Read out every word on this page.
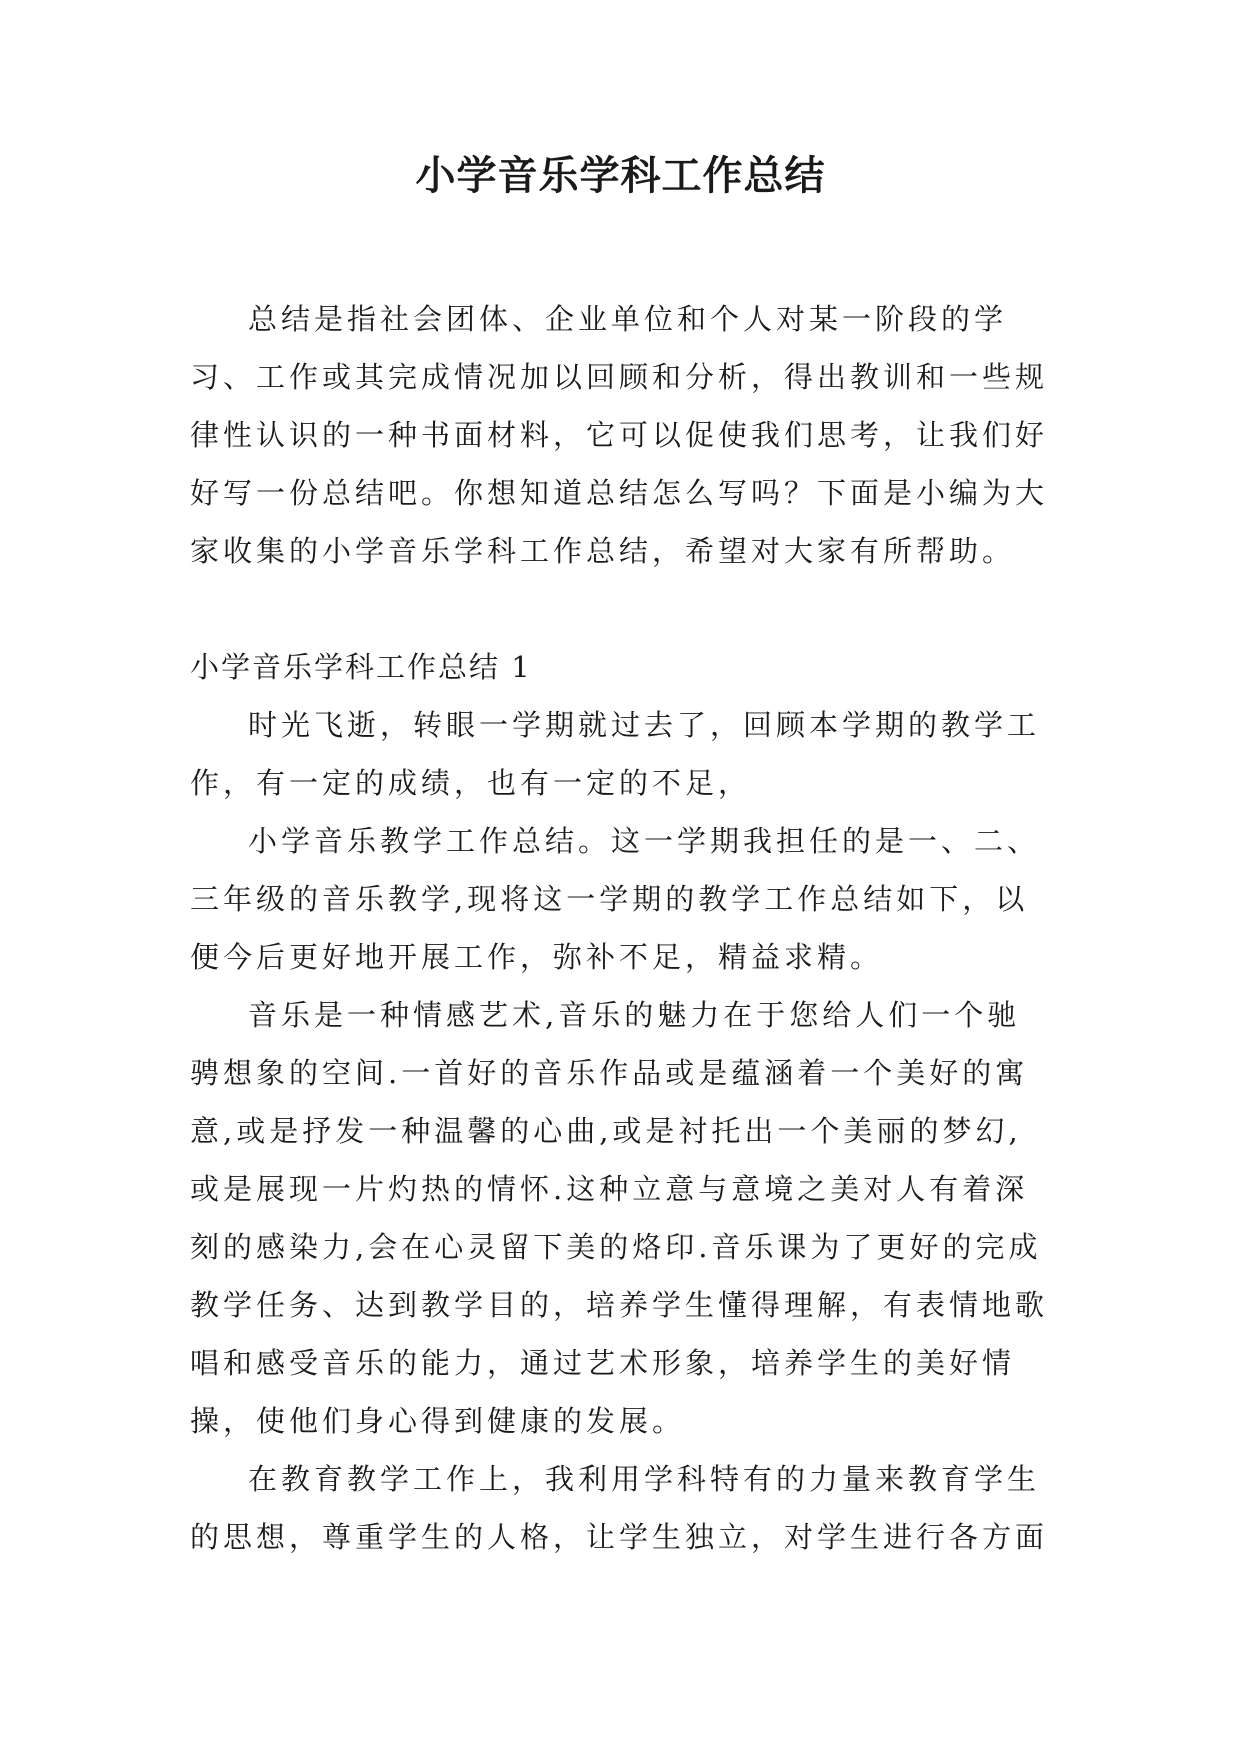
小学音乐学科工作总结

总结是指社会团体、企业单位和个人对某一阶段的学习、工作或其完成情况加以回顾和分析，得出教训和一些规律性认识的一种书面材料，它可以促使我们思考，让我们好好写一份总结吧。你想知道总结怎么写吗？下面是小编为大家收集的小学音乐学科工作总结，希望对大家有所帮助。

小学音乐学科工作总结 1

时光飞逝，转眼一学期就过去了，回顾本学期的教学工作，有一定的成绩，也有一定的不足，

小学音乐教学工作总结。这一学期我担任的是一、二、三年级的音乐教学,现将这一学期的教学工作总结如下，以便今后更好地开展工作，弥补不足，精益求精。

音乐是一种情感艺术,音乐的魅力在于您给人们一个驰骋想象的空间.一首好的音乐作品或是蕴涵着一个美好的寓意,或是抒发一种温馨的心曲,或是衬托出一个美丽的梦幻,或是展现一片灼热的情怀.这种立意与意境之美对人有着深刻的感染力,会在心灵留下美的烙印.音乐课为了更好的完成教学任务、达到教学目的，培养学生懂得理解，有表情地歌唱和感受音乐的能力，通过艺术形象，培养学生的美好情操，使他们身心得到健康的发展。

在教育教学工作上，我利用学科特有的力量来教育学生的思想，尊重学生的人格，让学生独立，对学生进行各方面
